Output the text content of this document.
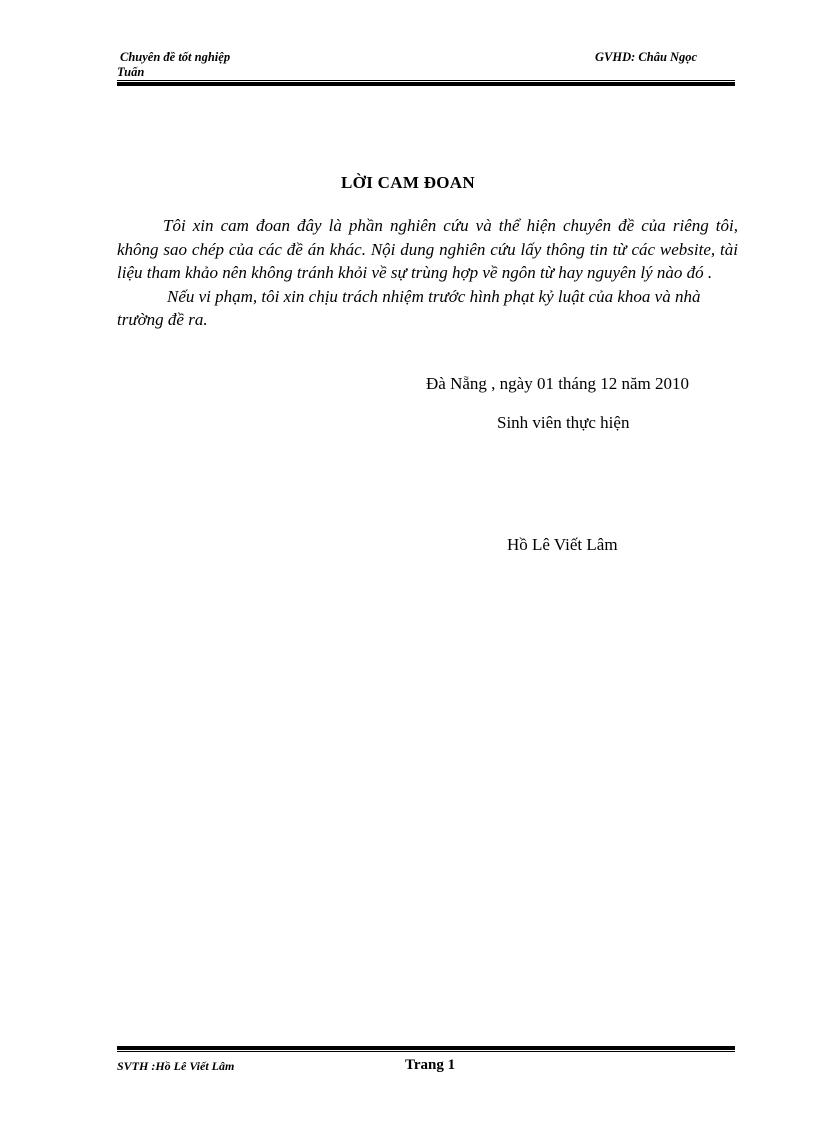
Chuyên đề tốt nghiệp
Tuấn
GVHD: Châu Ngọc
LỜI CAM ĐOAN

Tôi xin cam đoan đây là phần nghiên cứu và thể hiện chuyên đề của riêng tôi, không sao chép của các đề án khác. Nội dung nghiên cứu lấy thông tin từ các website, tài liệu tham khảo nên không tránh khỏi về sự trùng hợp về ngôn từ hay nguyên lý nào đó .

Nếu vi phạm, tôi xin chịu trách nhiệm trước hình phạt kỷ luật của khoa và nhà trường đề ra.

Đà Nẵng , ngày 01 tháng 12 năm 2010
Sinh viên thực hiện
Hồ Lê Viết Lâm
SVTH :Hồ Lê Viết Lâm	Trang 1
